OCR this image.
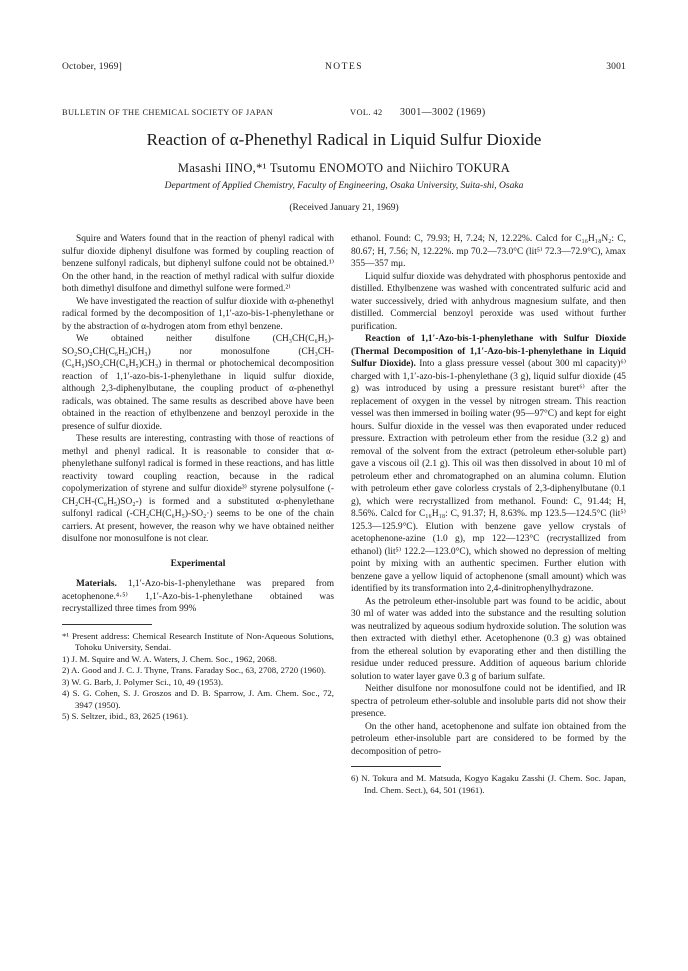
October, 1969]	NOTES	3001
BULLETIN OF THE CHEMICAL SOCIETY OF JAPAN	VOL. 42 3001—3002 (1969)
Reaction of α-Phenethyl Radical in Liquid Sulfur Dioxide
Masashi IINO,*¹ Tsutomu ENOMOTO and Niichiro TOKURA
Department of Applied Chemistry, Faculty of Engineering, Osaka University, Suita-shi, Osaka
(Received January 21, 1969)

Squire and Waters found that in the reaction of phenyl radical with sulfur dioxide diphenyl disulfone was formed by coupling reaction of benzene sulfonyl radicals, but diphenyl sulfone could not be obtained.¹⁾ On the other hand, in the reaction of methyl radical with sulfur dioxide both dimethyl disulfone and dimethyl sulfone were formed.²⁾

We have investigated the reaction of sulfur dioxide with α-phenethyl radical formed by the decomposition of 1,1′-azo-bis-1-phenylethane or by the abstraction of α-hydrogen atom from ethyl benzene.

We obtained neither disulfone (CH₃CH(C₆H₅)-SO₂SO₂CH(C₆H₅)CH₃) nor monosulfone (CH₃CH-(C₆H₅)SO₂CH(C₆H₅)CH₃) in thermal or photochemical decomposition reaction of 1,1′-azo-bis-1-phenylethane in liquid sulfur dioxide, although 2,3-diphenylbutane, the coupling product of α-phenethyl radicals, was obtained. The same results as described above have been obtained in the reaction of ethylbenzene and benzoyl peroxide in the presence of sulfur dioxide.

These results are interesting, contrasting with those of reactions of methyl and phenyl radical. It is reasonable to consider that α-phenylethane sulfonyl radical is formed in these reactions, and has little reactivity toward coupling reaction, because in the radical copolymerization of styrene and sulfur dioxide³⁾ styrene polysulfone (-CH₂CH-(C₆H₅)SO₂-) is formed and a substituted α-phenylethane sulfonyl radical (-CH₂CH(C₆H₅)-SO₂·) seems to be one of the chain carriers. At present, however, the reason why we have obtained neither disulfone nor monosulfone is not clear.

Experimental

Materials. 1,1′-Azo-bis-1-phenylethane was prepared from acetophenone.⁴·⁵⁾ 1,1′-Azo-bis-1-phenylethane obtained was recrystallized three times from 99%

*¹ Present address: Chemical Research Institute of Non-Aqueous Solutions, Tohoku University, Sendai.
1) J. M. Squire and W. A. Waters, J. Chem. Soc., 1962, 2068.
2) A. Good and J. C. J. Thyne, Trans. Faraday Soc., 63, 2708, 2720 (1960).
3) W. G. Barb, J. Polymer Sci., 10, 49 (1953).
4) S. G. Cohen, S. J. Groszos and D. B. Sparrow, J. Am. Chem. Soc., 72, 3947 (1950).
5) S. Seltzer, ibid., 83, 2625 (1961).

ethanol. Found: C, 79.93; H, 7.24; N, 12.22%. Calcd for C₁₆H₁₈N₂: C, 80.67; H, 7.56; N, 12.22%. mp 70.2—73.0°C (lit⁵⁾ 72.3—72.9°C), λmax 355—357 mμ.

Liquid sulfur dioxide was dehydrated with phosphorus pentoxide and distilled. Ethylbenzene was washed with concentrated sulfuric acid and water successively, dried with anhydrous magnesium sulfate, and then distilled. Commercial benzoyl peroxide was used without further purification.

Reaction of 1,1′-Azo-bis-1-phenylethane with Sulfur Dioxide (Thermal Decomposition of 1,1′-Azo-bis-1-phenylethane in Liquid Sulfur Dioxide). Into a glass pressure vessel (about 300 ml capacity)⁶⁾ charged with 1,1′-azo-bis-1-phenylethane (3 g), liquid sulfur dioxide (45 g) was introduced by using a pressure resistant buret⁶⁾ after the replacement of oxygen in the vessel by nitrogen stream. This reaction vessel was then immersed in boiling water (95—97°C) and kept for eight hours. Sulfur dioxide in the vessel was then evaporated under reduced pressure. Extraction with petroleum ether from the residue (3.2 g) and removal of the solvent from the extract (petroleum ether-soluble part) gave a viscous oil (2.1 g). This oil was then dissolved in about 10 ml of petroleum ether and chromatographed on an alumina column. Elution with petroleum ether gave colorless crystals of 2,3-diphenylbutane (0.1 g), which were recrystallized from methanol. Found: C, 91.44; H, 8.56%. Calcd for C₁₆H₁₈: C, 91.37; H, 8.63%. mp 123.5—124.5°C (lit⁵⁾ 125.3—125.9°C). Elution with benzene gave yellow crystals of acetophenone-azine (1.0 g), mp 122—123°C (recrystallized from ethanol) (lit⁵⁾ 122.2—123.0°C), which showed no depression of melting point by mixing with an authentic specimen. Further elution with benzene gave a yellow liquid of actophenone (small amount) which was identified by its transformation into 2,4-dinitrophenylhydrazone.

As the petroleum ether-insoluble part was found to be acidic, about 30 ml of water was added into the substance and the resulting solution was neutralized by aqueous sodium hydroxide solution. The solution was then extracted with diethyl ether. Acetophenone (0.3 g) was obtained from the ethereal solution by evaporating ether and then distilling the residue under reduced pressure. Addition of aqueous barium chloride solution to water layer gave 0.3 g of barium sulfate.

Neither disulfone nor monosulfone could not be identified, and IR spectra of petroleum ether-soluble and insoluble parts did not show their presence.

On the other hand, acetophenone and sulfate ion obtained from the petroleum ether-insoluble part are considered to be formed by the decomposition of petro-

6) N. Tokura and M. Matsuda, Kogyo Kagaku Zasshi (J. Chem. Soc. Japan, Ind. Chem. Sect.), 64, 501 (1961).
